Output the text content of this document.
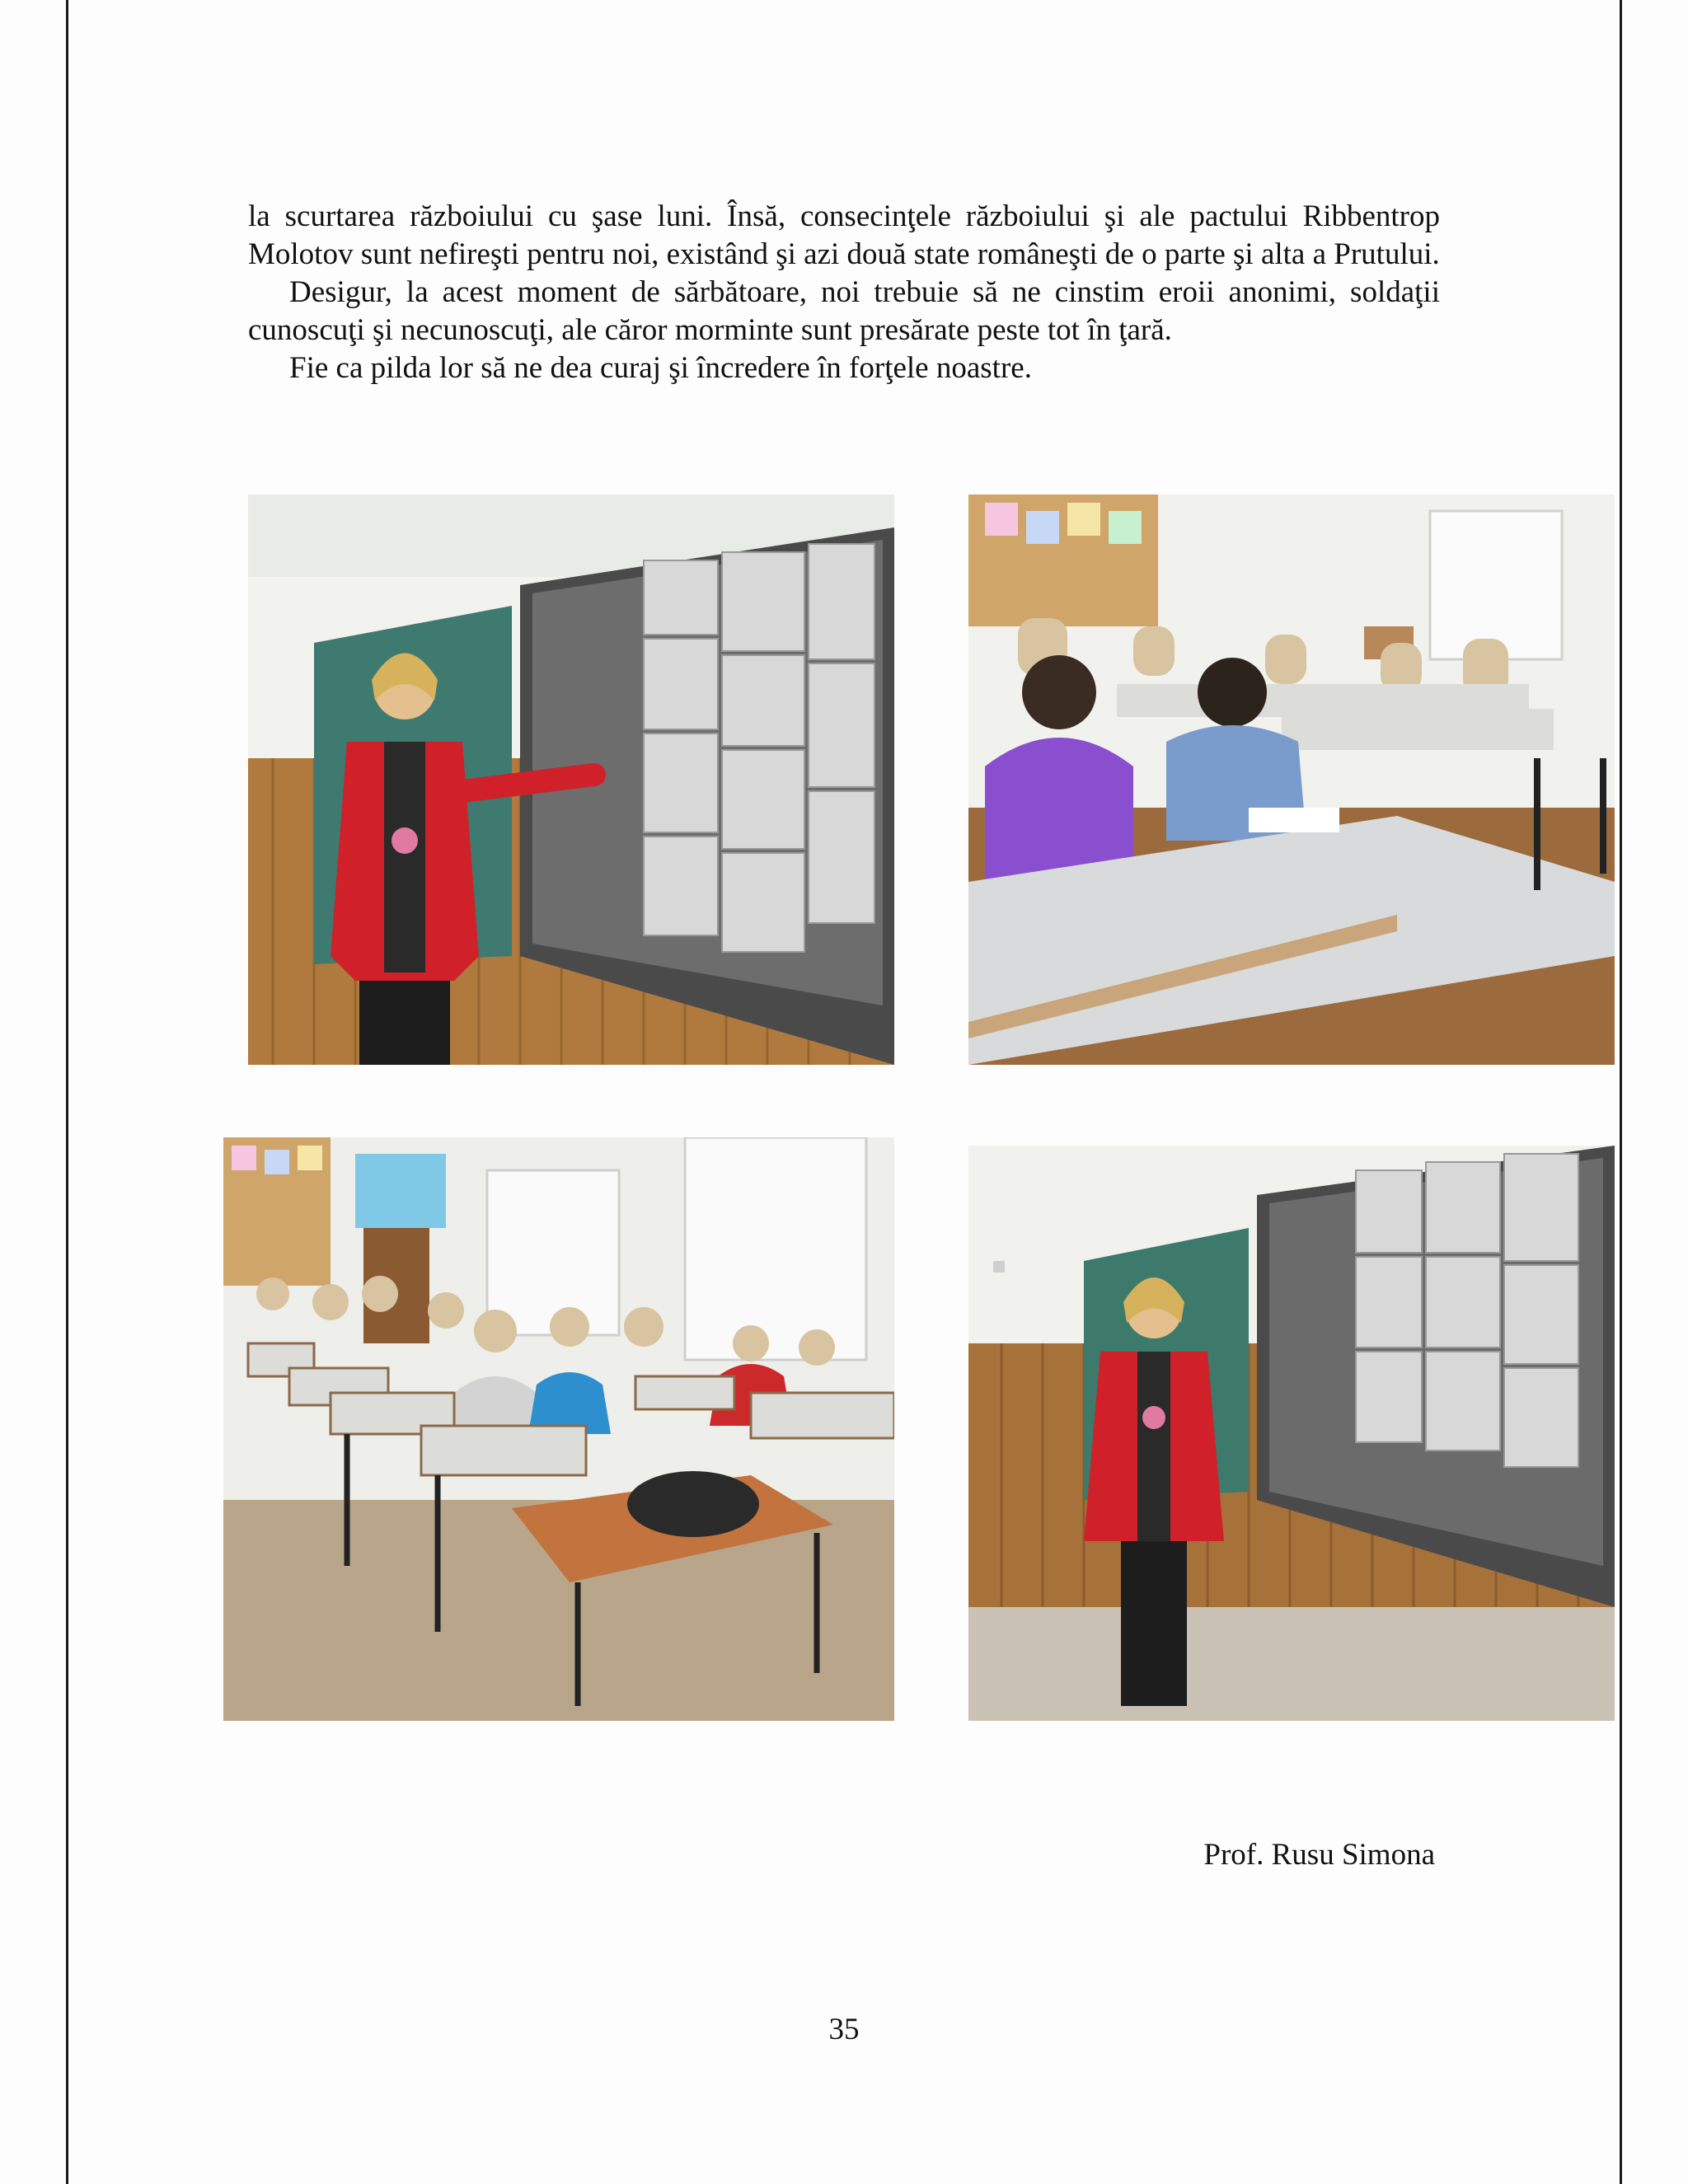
la scurtarea războiului cu şase luni. Însă, consecinţele războiului şi ale pactului Ribbentrop Molotov sunt nefireşti pentru noi, existând şi azi două state româneşti de o parte şi alta a Prutului.

Desigur, la acest moment de sărbătoare, noi trebuie să ne cinstim eroii anonimi, soldaţii cunoscuţi şi necunoscuţi, ale căror morminte sunt presărate peste tot în ţară.

Fie ca pilda lor să ne dea curaj şi încredere în forţele noastre.

Prof. Rusu Simona
35
